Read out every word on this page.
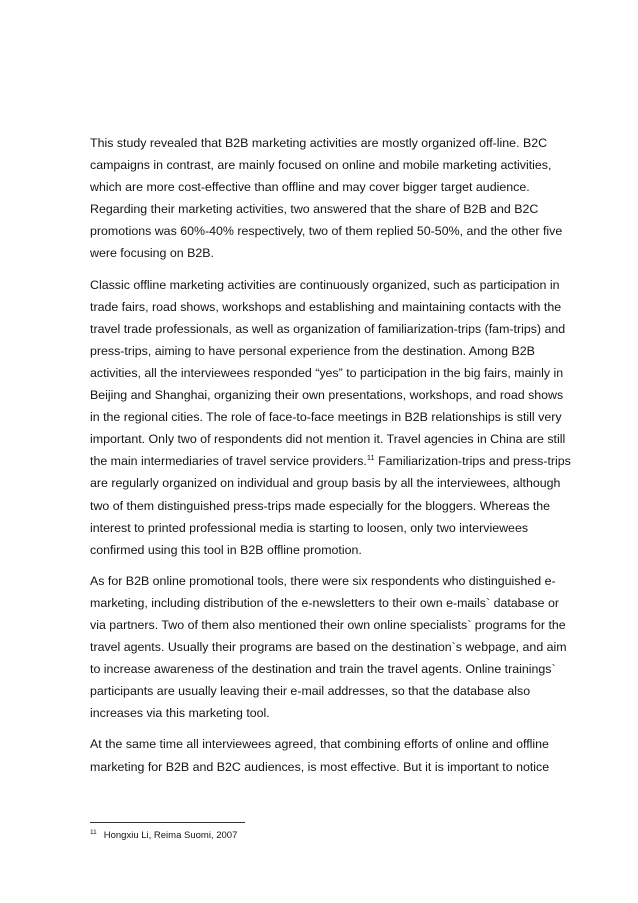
This study revealed that B2B marketing activities are mostly organized off-line. B2C
campaigns in contrast, are mainly focused on online and mobile marketing activities,
which are more cost-effective than offline and may cover bigger target audience.
Regarding their marketing activities, two answered that the share of B2B and B2C
promotions was 60%-40% respectively, two of them replied 50-50%, and the other five
were focusing on B2B.

Classic offline marketing activities are continuously organized, such as participation in
trade fairs, road shows, workshops and establishing and maintaining contacts with the
travel trade professionals, as well as organization of familiarization-trips (fam-trips) and
press-trips, aiming to have personal experience from the destination. Among B2B
activities, all the interviewees responded “yes” to participation in the big fairs, mainly in
Beijing and Shanghai, organizing their own presentations, workshops, and road shows
in the regional cities. The role of face-to-face meetings in B2B relationships is still very
important. Only two of respondents did not mention it. Travel agencies in China are still
the main intermediaries of travel service providers.$^{11}$ Familiarization-trips and press-trips
are regularly organized on individual and group basis by all the interviewees, although
two of them distinguished press-trips made especially for the bloggers. Whereas the
interest to printed professional media is starting to loosen, only two interviewees
confirmed using this tool in B2B offline promotion.

As for B2B online promotional tools, there were six respondents who distinguished e-
marketing, including distribution of the e-newsletters to their own e-mails` database or
via partners. Two of them also mentioned their own online specialists` programs for the
travel agents. Usually their programs are based on the destination`s webpage, and aim
to increase awareness of the destination and train the travel agents. Online trainings`
participants are usually leaving their e-mail addresses, so that the database also
increases via this marketing tool.

At the same time all interviewees agreed, that combining efforts of online and offline
marketing for B2B and B2C audiences, is most effective. But it is important to notice

$^{11}$ Hongxiu Li, Reima Suomi, 2007
